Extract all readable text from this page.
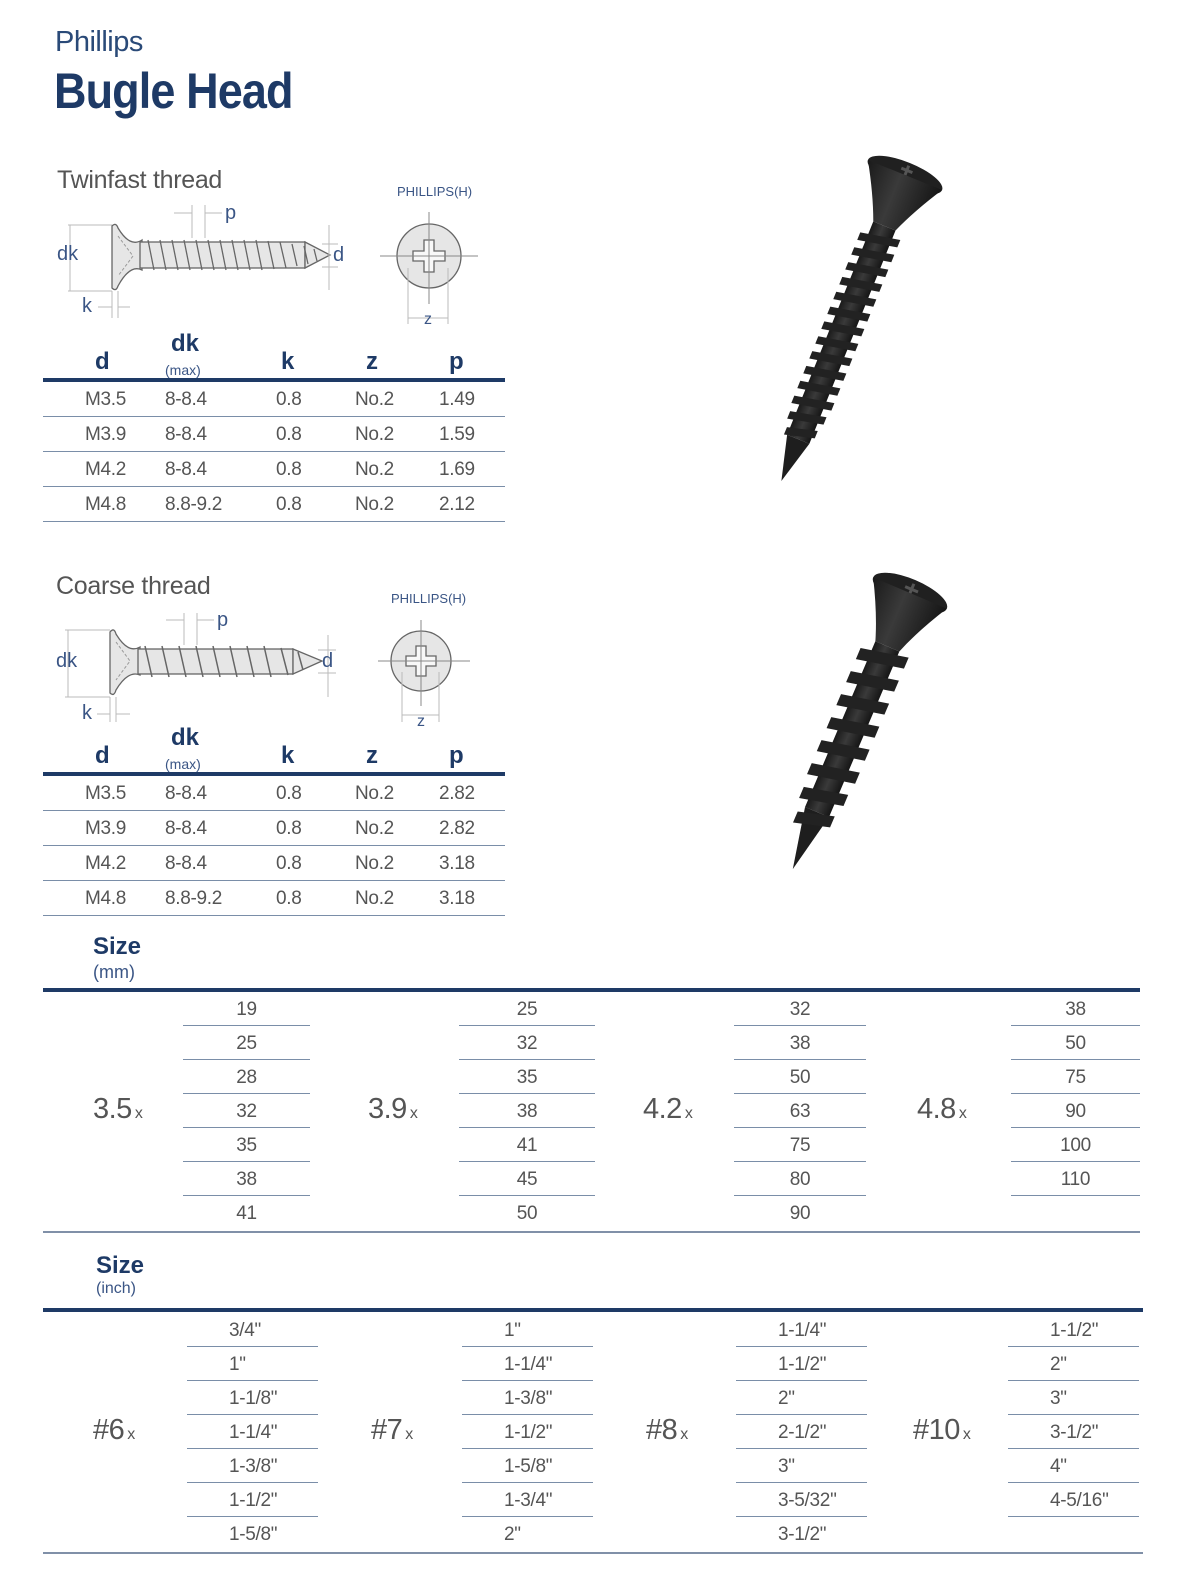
Phillips
Bugle Head
Twinfast thread
dk
k
p
d
PHILLIPS(H)
z
d
dk
(max)	k	z	p
M3.5 8-8.4	0.8	No.2 1.49
M3.9 8-8.4	0.8	No.2 1.59
M4.2 8-8.4	0.8	No.2 1.69
M4.8 8.8-9.2	0.8	No.2 2.12
Coarse thread
dk
k
p
d
PHILLIPS(H)
z
d
dk
(max)	k	z	p
M3.5 8-8.4	0.8	No.2 2.82
M3.9 8-8.4	0.8	No.2 2.82
M4.2 8-8.4	0.8	No.2 3.18
M4.8 8.8-9.2	0.8	No.2 3.18
Size
(mm)
3.5 x
19
25
28
32
35
38
41
3.9 x
25
32
35
38
41
45
50
4.2 x
32
38
50
63
75
80
90
4.8 x
38
50
75
90
100
110
Size
(inch)
#6 x
3/4"
1"
1-1/8"
1-1/4"
1-3/8"
1-1/2"
1-5/8"
#7 x
1"
1-1/4"
1-3/8"
1-1/2"
1-5/8"
1-3/4"
2"
#8 x
1-1/4"
1-1/2"
2"
2-1/2"
3"
3-5/32"
3-1/2"
#10 x
1-1/2"
2"
3"
3-1/2"
4"
4-5/16"
